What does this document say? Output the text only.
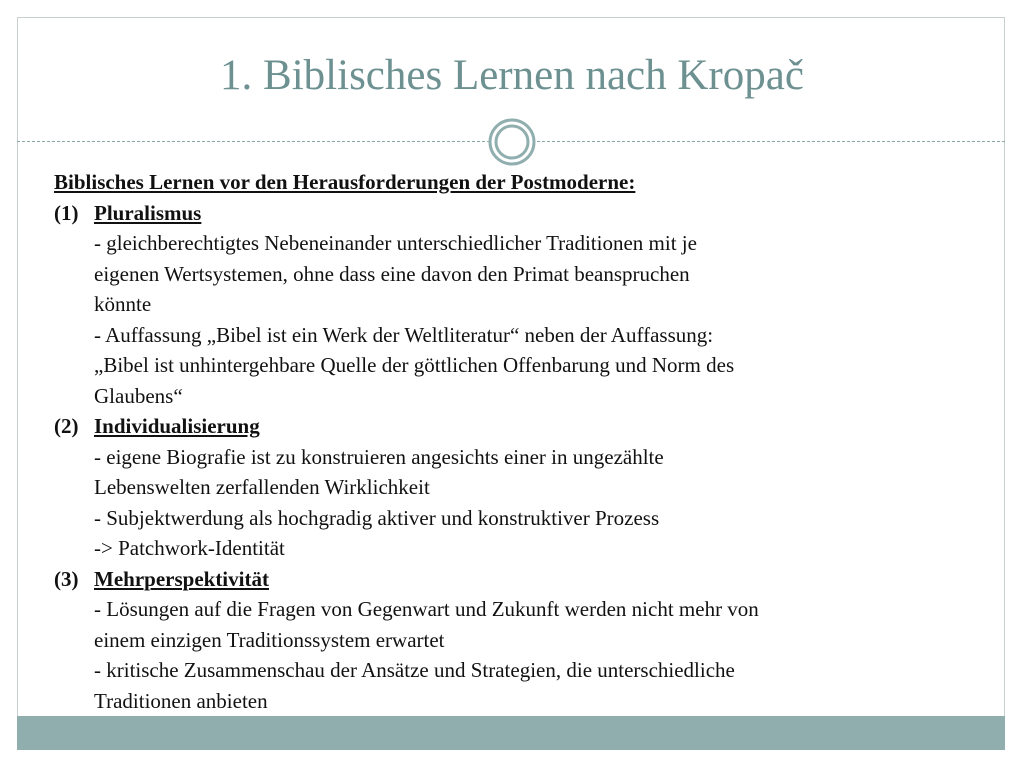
1. Biblisches Lernen nach Kropač
Biblisches Lernen vor den Herausforderungen der Postmoderne:
(1) Pluralismus
- gleichberechtigtes Nebeneinander unterschiedlicher Traditionen mit je
eigenen Wertsystemen, ohne dass eine davon den Primat beanspruchen
könnte
- Auffassung „Bibel ist ein Werk der Weltliteratur“ neben der Auffassung:
„Bibel ist unhintergehbare Quelle der göttlichen Offenbarung und Norm des
Glaubens“
(2) Individualisierung
- eigene Biografie ist zu konstruieren angesichts einer in ungezählte
Lebenswelten zerfallenden Wirklichkeit
- Subjektwerdung als hochgradig aktiver und konstruktiver Prozess
-> Patchwork-Identität
(3) Mehrperspektivität
- Lösungen auf die Fragen von Gegenwart und Zukunft werden nicht mehr von
einem einzigen Traditionssystem erwartet
- kritische Zusammenschau der Ansätze und Strategien, die unterschiedliche
Traditionen anbieten
